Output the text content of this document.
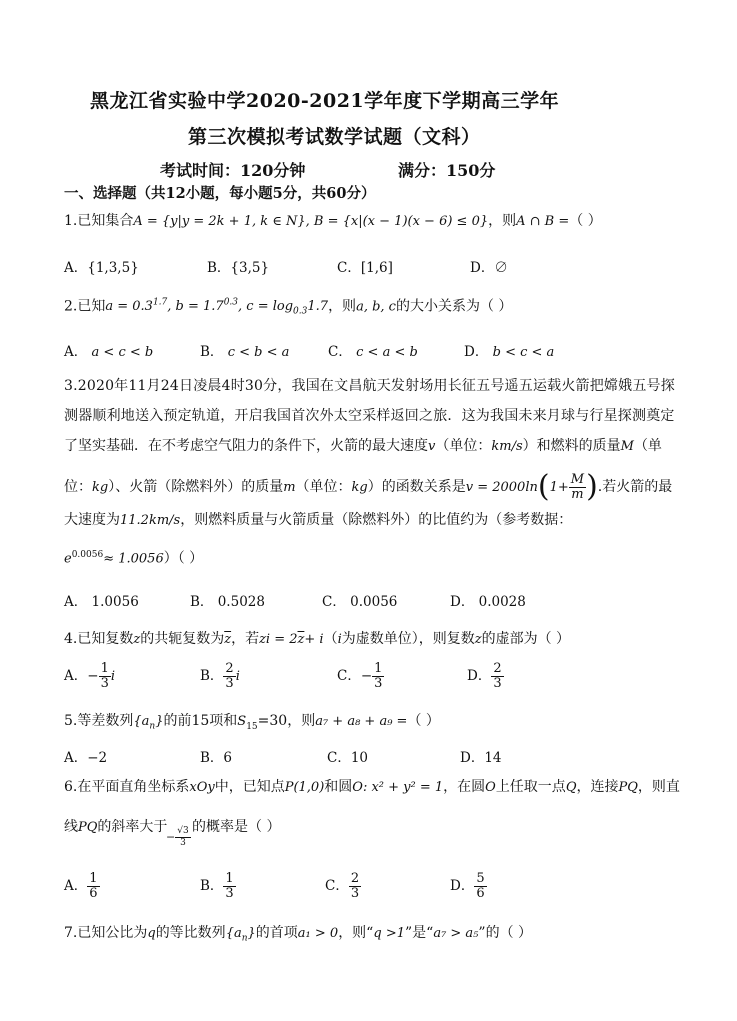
黑龙江省实验中学2020-2021学年度下学期高三学年
第三次模拟考试数学试题（文科）
考试时间：120分钟	满分：150分
一、选择题（共12小题，每小题5分，共60分）
1.已知集合A = {y|y = 2k + 1, k ∈ N}, B = {x|(x − 1)(x − 6) ≤ 0}，则A ∩ B =（ ）
A．{1,3,5}	B．{3,5}	C．[1,6]	D．∅
2.已知$a = 0.3^{1.7}$, $b = 1.7^{0.3}$, $c = \log_{0.3}1.7$，则a, b, c的大小关系为（ ）
A． a < c < b	B． c < b < a	C． c < a < b	D． b < c < a
3.2020年11月24日凌晨4时30分，我国在文昌航天发射场用长征五号遥五运载火箭把嫦娥五号探
测器顺利地送入预定轨道，开启我国首次外太空采样返回之旅．这为我国未来月球与行星探测奠定
了坚实基础．在不考虑空气阻力的条件下，火箭的最大速度v（单位：km/s）和燃料的质量M（单
位：kg）、火箭（除燃料外）的质量m（单位：kg）的函数关系是$v = 2000\ln(1+ \frac{M}{m}$ ).若火箭的最
大速度为11.2km/s，则燃料质量与火箭质量（除燃料外）的比值约为（参考数据：
$e^{0.0056}\approx 1.0056$）（ ）
A． 1.0056	B． 0.5028	C． 0.0056	D． 0.0028
4.已知复数z的共轭复数为$\overline{z}$，若zi = $2\overline{z}+ i(i$为虚数单位），则复数z的虚部为（ ）
A．− $\frac{1}{3}$ i	B． $\frac{2}{3}$ i	C．− $\frac{1}{3}$	D． $\frac{2}{3}$
5.等差数列$\{a_n\}$的前15项和$S_{15}=30$，则a₇ + a₈ + a₉ =（ ）
A．−2	B．6	C．10	D．14
6.在平面直角坐标系xOy中，已知点P(1,0)和圆O: x² + y² = 1，在圆O上任取一点Q，连接PQ，则直
线PQ的斜率大于
− $\frac{√3}{3}$ 的概率是（ ）
A． $\frac{1}{6}$	B． $\frac{1}{3}$	C． $\frac{2}{3}$	D． $\frac{5}{6}$
7.已知公比为q的等比数列$\{a_n\}$的首项a₁ > 0，则“q >1”是“a₇ > a₅”的（ ）
